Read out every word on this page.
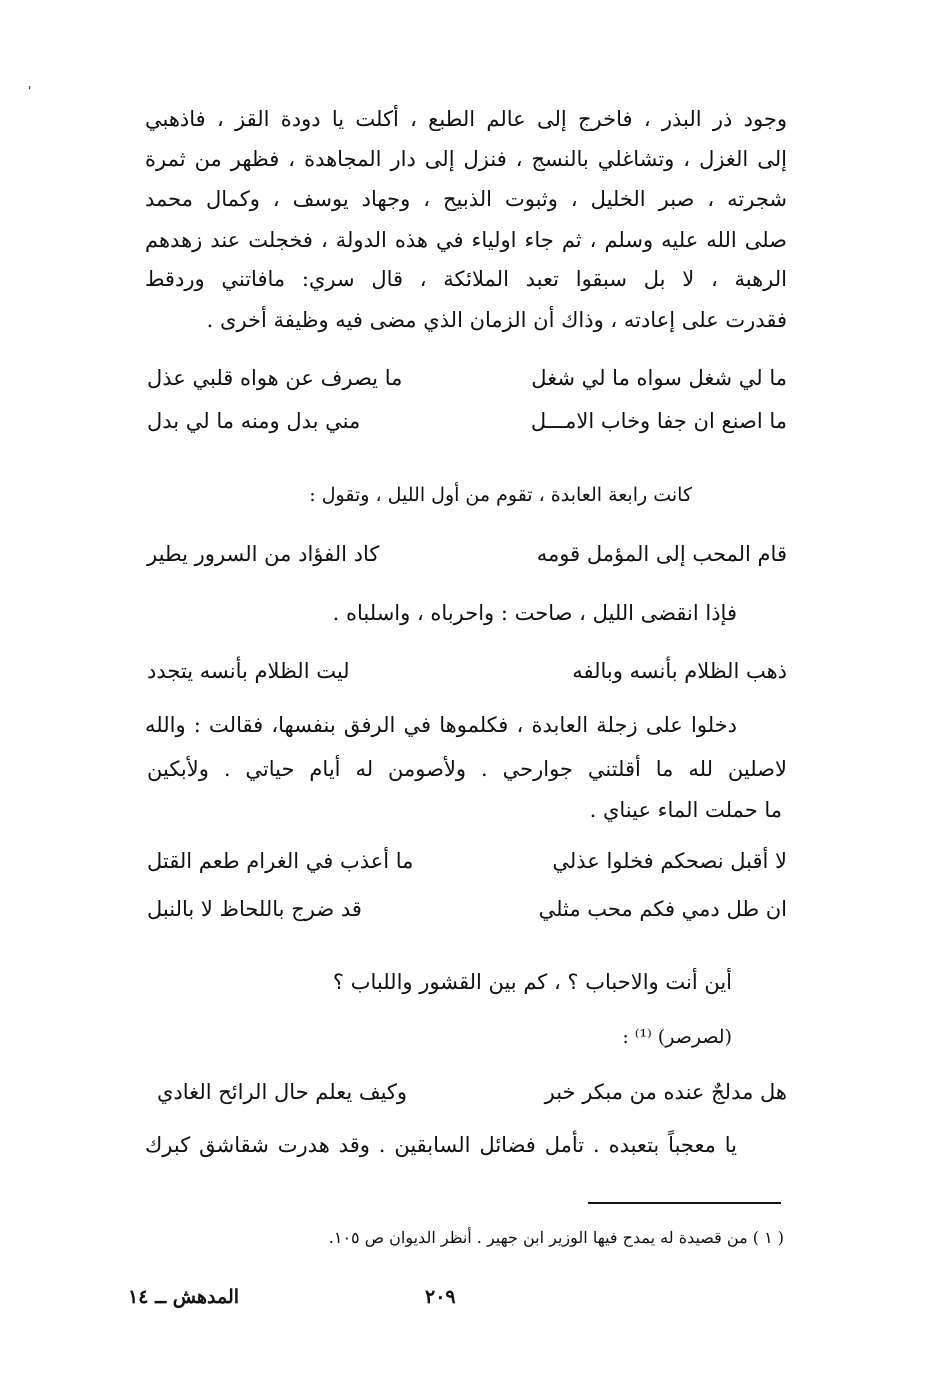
'
وجود ذر البذر ، فاخرج إلى عالم الطبع ، أكلت يا دودة القز ، فاذهبي
إلى الغزل ، وتشاغلي بالنسج ، فنزل إلى دار المجاهدة ، فظهر من ثمرة
شجرته ، صبر الخليل ، وثبوت الذبيح ، وجهاد يوسف ، وكمال محمد
صلى الله عليه وسلم ، ثم جاء اولياء في هذه الدولة ، فخجلت عند زهدهم
الرهبة ، لا بل سبقوا تعبد الملائكة ، قال سري: مافاتني وردقط
فقدرت على إعادته ، وذاك أن الزمان الذي مضى فيه وظيفة أخرى .
ما لي شغل سواه ما لي شغل
ما يصرف عن هواه قلبي عذل
ما اصنع ان جفا وخاب الامـــل
مني بدل ومنه ما لي بدل
كانت رابعة العابدة ، تقوم من أول الليل ، وتقول :
قام المحب إلى المؤمل قومه
كاد الفؤاد من السرور يطير
فإذا انقضى الليل ، صاحت : واحرباه ، واسلباه .
ذهب الظلام بأنسه وبالفه
ليت الظلام بأنسه يتجدد
دخلوا على زجلة العابدة ، فكلموها في الرفق بنفسها، فقالت : والله
لاصلين لله ما أقلتني جوارحي . ولأصومن له أيام حياتي . ولأبكين
ما حملت الماء عيناي .
لا أقبل نصحكم فخلوا عذلي
ما أعذب في الغرام طعم القتل
ان طل دمي فكم محب مثلي
قد ضرج باللحاظ لا بالنبل
أين أنت والاحباب ؟ ، كم بين القشور واللباب ؟
(لصرصر) ⁽¹⁾ :
هل مدلجٌ عنده من مبكر خبر
وكيف يعلم حال الرائح الغادي
يا معجباً بتعبده . تأمل فضائل السابقين . وقد هدرت شقاشق كبرك
( ١ ) من قصيدة له يمدح فيها الوزير ابن جهير . أنظر الديوان ص ١٠٥.
٢٠٩
المدهش ــ ١٤
